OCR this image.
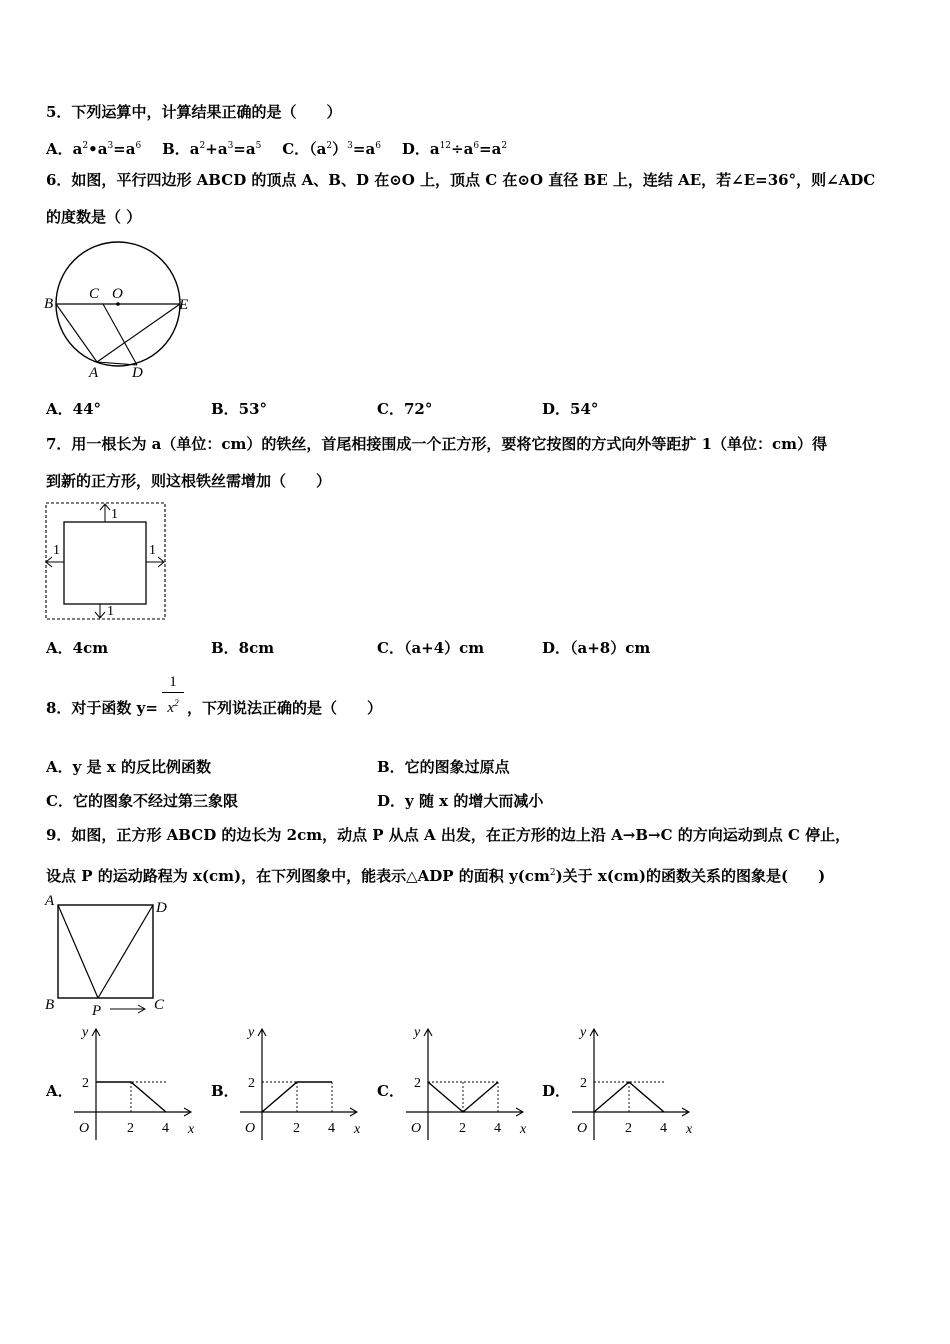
5．下列运算中，计算结果正确的是（　　）
A．$a^2•a^3=a^6$ B．$a^2+a^3=a^5$ C．$(a^2)^3=a^6$ D．$a^{12}\div a^6=a^2$
6．如图，平行四边形 ABCD 的顶点 A、B、D 在⊙O 上，顶点 C 在⊙O 直径 BE 上，连结 AE，若∠E=36°，则∠ADC
的度数是（ ）
B
C O
E
A D
A．44°	B．53°	C．72°	D．54°
7．用一根长为 a（单位：cm）的铁丝，首尾相接围成一个正方形，要将它按图的方式向外等距扩 1（单位：cm）得
到新的正方形，则这根铁丝需增加（　　）
1
1	1
1
A．4cm	B．8cm	C．（a+4）cm	D．（a+8）cm
8．对于函数 y=
1
$x^2$ ，下列说法正确的是（　　）
A．y 是 x 的反比例函数	B．它的图象过原点
C．它的图象不经过第三象限	D．y 随 x 的增大而减小
9．如图，正方形 ABCD 的边长为 2cm，动点 P 从点 A 出发，在正方形的边上沿 A→B→C 的方向运动到点 C 停止，
设点 P 的运动路程为 x(cm)，在下列图象中，能表示△ADP 的面积 $y(cm^2)$关于 x(cm)的函数关系的图象是(　　)
A	D
B	C
P
A．	B．	C．	D．
y
x
O	2 4
2
y
x
O	2 4
2
y
x
O	2 4
2
y
x
O	2 4
2
